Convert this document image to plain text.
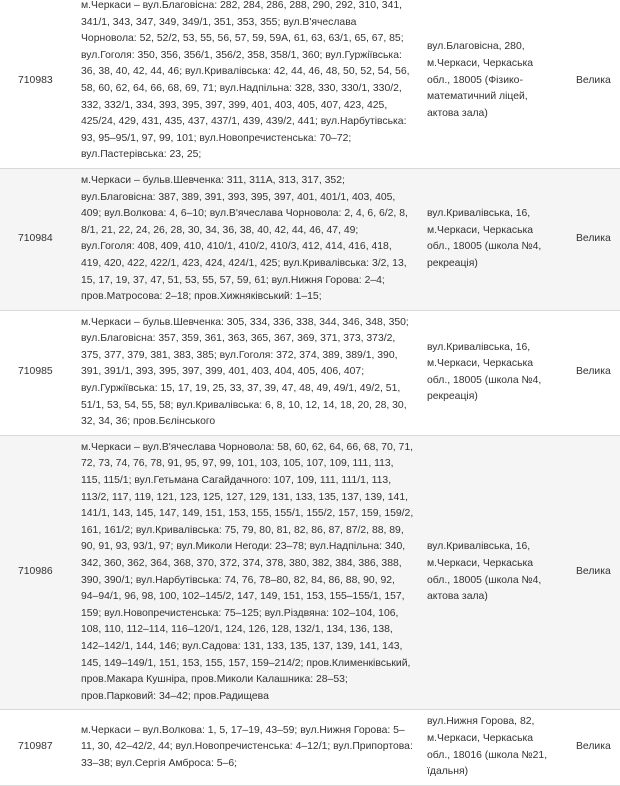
710983	м.Черкаси – вул.Благовісна: 282, 284, 286, 288, 290, 292, 310, 341, 341/1, 343, 347, 349, 349/1, 351, 353, 355; вул.В'ячеслава Чорновола: 52, 52/2, 53, 55, 56, 57, 59, 59А, 61, 63, 63/1, 65, 67, 85; вул.Гоголя: 350, 356, 356/1, 356/2, 358, 358/1, 360; вул.Гуржіївська: 36, 38, 40, 42, 44, 46; вул.Кривалівська: 42, 44, 46, 48, 50, 52, 54, 56, 58, 60, 62, 64, 66, 68, 69, 71; вул.Надпільна: 328, 330, 330/1, 330/2, 332, 332/1, 334, 393, 395, 397, 399, 401, 403, 405, 407, 423, 425, 425/24, 429, 431, 435, 437, 437/1, 439, 439/2, 441; вул.Нарбутівська: 93, 95–95/1, 97, 99, 101; вул.Новопречистенська: 70–72; вул.Пастерівська: 23, 25;	вул.Благовісна, 280, м.Черкаси, Черкаська обл., 18005 (Фізико-математичний ліцей, актова зала)	Велика
710984	м.Черкаси – бульв.Шевченка: 311, 311А, 313, 317, 352; вул.Благовісна: 387, 389, 391, 393, 395, 397, 401, 401/1, 403, 405, 409; вул.Волкова: 4, 6–10; вул.В'ячеслава Чорновола: 2, 4, 6, 6/2, 8, 8/1, 21, 22, 24, 26, 28, 30, 34, 36, 38, 40, 42, 44, 46, 47, 49; вул.Гоголя: 408, 409, 410, 410/1, 410/2, 410/3, 412, 414, 416, 418, 419, 420, 422, 422/1, 423, 424, 424/1, 425; вул.Кривалівська: 3/2, 13, 15, 17, 19, 37, 47, 51, 53, 55, 57, 59, 61; вул.Нижня Горова: 2–4; пров.Матросова: 2–18; пров.Хижняківський: 1–15;	вул.Кривалівська, 16, м.Черкаси, Черкаська обл., 18005 (школа №4, рекреація)	Велика
710985	м.Черкаси – бульв.Шевченка: 305, 334, 336, 338, 344, 346, 348, 350; вул.Благовісна: 357, 359, 361, 363, 365, 367, 369, 371, 373, 373/2, 375, 377, 379, 381, 383, 385; вул.Гоголя: 372, 374, 389, 389/1, 390, 391, 391/1, 393, 395, 397, 399, 401, 403, 404, 405, 406, 407; вул.Гуржіївська: 15, 17, 19, 25, 33, 37, 39, 47, 48, 49, 49/1, 49/2, 51, 51/1, 53, 54, 55, 58; вул.Кривалівська: 6, 8, 10, 12, 14, 18, 20, 28, 30, 32, 34, 36; пров.Бєлінського	вул.Кривалівська, 16, м.Черкаси, Черкаська обл., 18005 (школа №4, рекреація)	Велика
710986	м.Черкаси – вул.В'ячеслава Чорновола: 58, 60, 62, 64, 66, 68, 70, 71, 72, 73, 74, 76, 78, 91, 95, 97, 99, 101, 103, 105, 107, 109, 111, 113, 115, 115/1; вул.Гетьмана Сагайдачного: 107, 109, 111, 111/1, 113, 113/2, 117, 119, 121, 123, 125, 127, 129, 131, 133, 135, 137, 139, 141, 141/1, 143, 145, 147, 149, 151, 153, 155, 155/1, 155/2, 157, 159, 159/2, 161, 161/2; вул.Кривалівська: 75, 79, 80, 81, 82, 86, 87, 87/2, 88, 89, 90, 91, 93, 93/1, 97; вул.Миколи Негоди: 23–78; вул.Надпільна: 340, 342, 360, 362, 364, 368, 370, 372, 374, 378, 380, 382, 384, 386, 388, 390, 390/1; вул.Нарбутівська: 74, 76, 78–80, 82, 84, 86, 88, 90, 92, 94–94/1, 96, 98, 100, 102–145/2, 147, 149, 151, 153, 155–155/1, 157, 159; вул.Новопречистенська: 75–125; вул.Різдвяна: 102–104, 106, 108, 110, 112–114, 116–120/1, 124, 126, 128, 132/1, 134, 136, 138, 142–142/1, 144, 146; вул.Садова: 131, 133, 135, 137, 139, 141, 143, 145, 149–149/1, 151, 153, 155, 157, 159–214/2; пров.Клименківський, пров.Макара Кушніра, пров.Миколи Калашника: 28–53; пров.Парковий: 34–42; пров.Радищева	вул.Кривалівська, 16, м.Черкаси, Черкаська обл., 18005 (школа №4, актова зала)	Велика
710987	м.Черкаси – вул.Волкова: 1, 5, 17–19, 43–59; вул.Нижня Горова: 5–11, 30, 42–42/2, 44; вул.Новопречистенська: 4–12/1; вул.Припортова: 33–38; вул.Сергія Амброса: 5–6;	вул.Нижня Горова, 82, м.Черкаси, Черкаська обл., 18016 (школа №21, їдальня)	Велика
